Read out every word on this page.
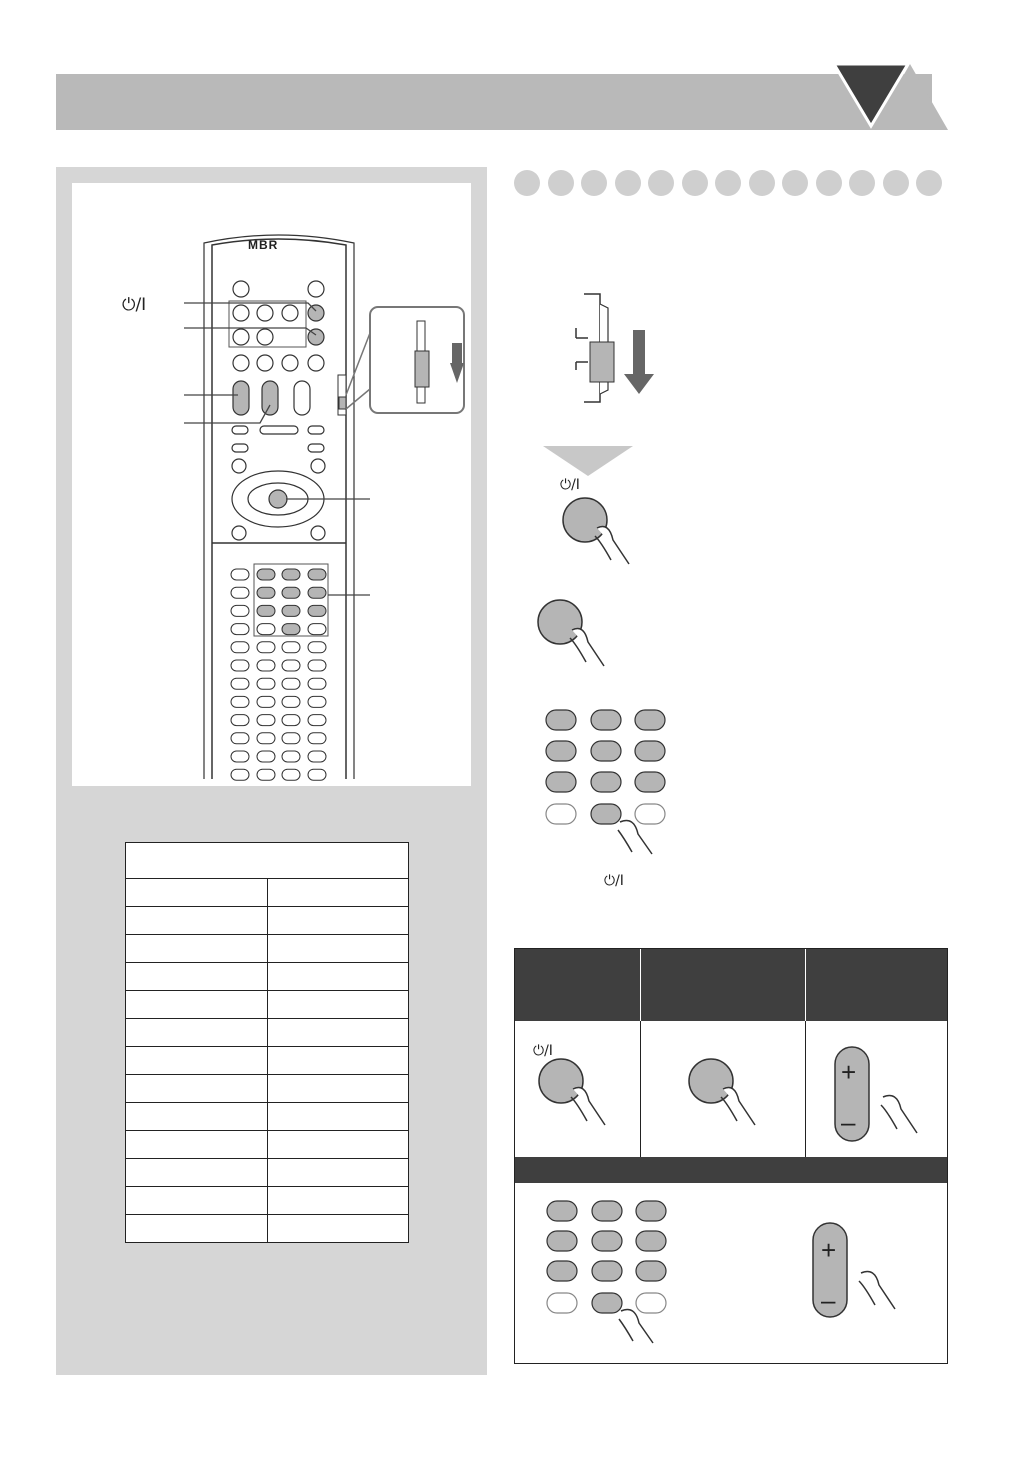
⏻/I
MBR

⏻/I
⏻/I
⏻/I
+
–
+
–
